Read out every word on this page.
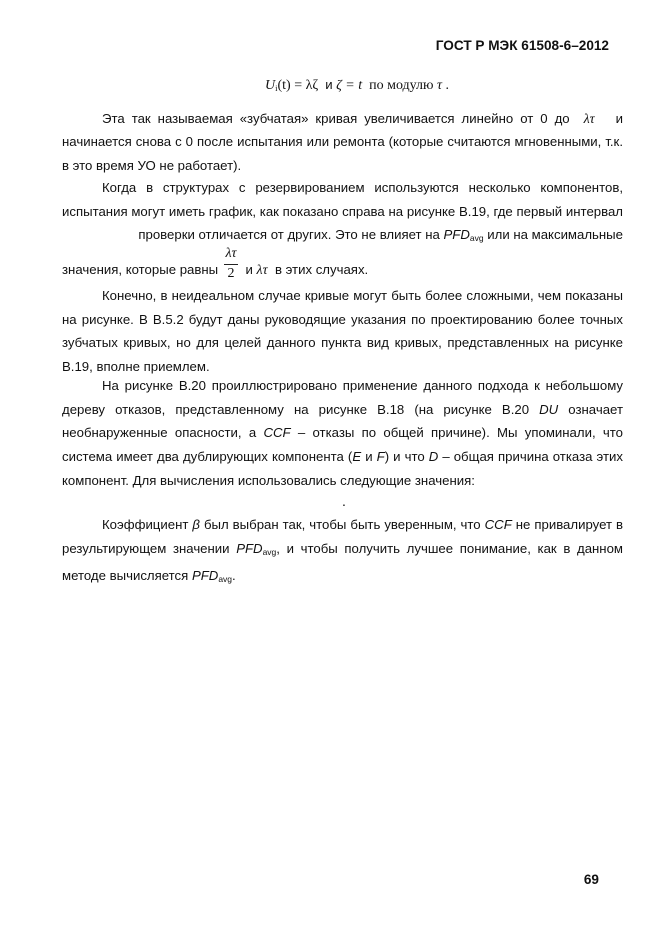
ГОСТ Р МЭК 61508-6–2012
$U_i(t) = \lambda\zeta$ и ζ = t по модулю τ .
Эта так называемая «зубчатая» кривая увеличивается линейно от 0 до λτ и
начинается снова с 0 после испытания или ремонта (которые считаются мгновенными, т.к. в это время УО не работает).
Когда в структурах с резервированием используются несколько компонентов, испытания могут иметь график, как показано справа на рисунке В.19, где первый интервал проверки отличается от других. Это не влияет на $PFD_{avg}$ или на максимальные
λτ
2
значения, которые равны и λτ в этих случаях.
Конечно, в неидеальном случае кривые могут быть более сложными, чем показаны на рисунке. В В.5.2 будут даны руководящие указания по проектированию более точных зубчатых кривых, но для целей данного пункта вид кривых, представленных на рисунке В.19, вполне приемлем.
На рисунке В.20 проиллюстрировано применение данного подхода к небольшому дереву отказов, представленному на рисунке В.18 (на рисунке В.20 DU означает необнаруженные опасности, а CCF – отказы по общей причине). Мы упоминали, что система имеет два дублирующих компонента (E и F) и что D – общая причина отказа этих компонент. Для вычисления использовались следующие значения:
.
Коэффициент β был выбран так, чтобы быть уверенным, что CCF не привалирует в результирующем значении $PFD_{avg}$, и чтобы получить лучшее понимание, как в данном методе вычисляется $PFD_{avg}$.
69
